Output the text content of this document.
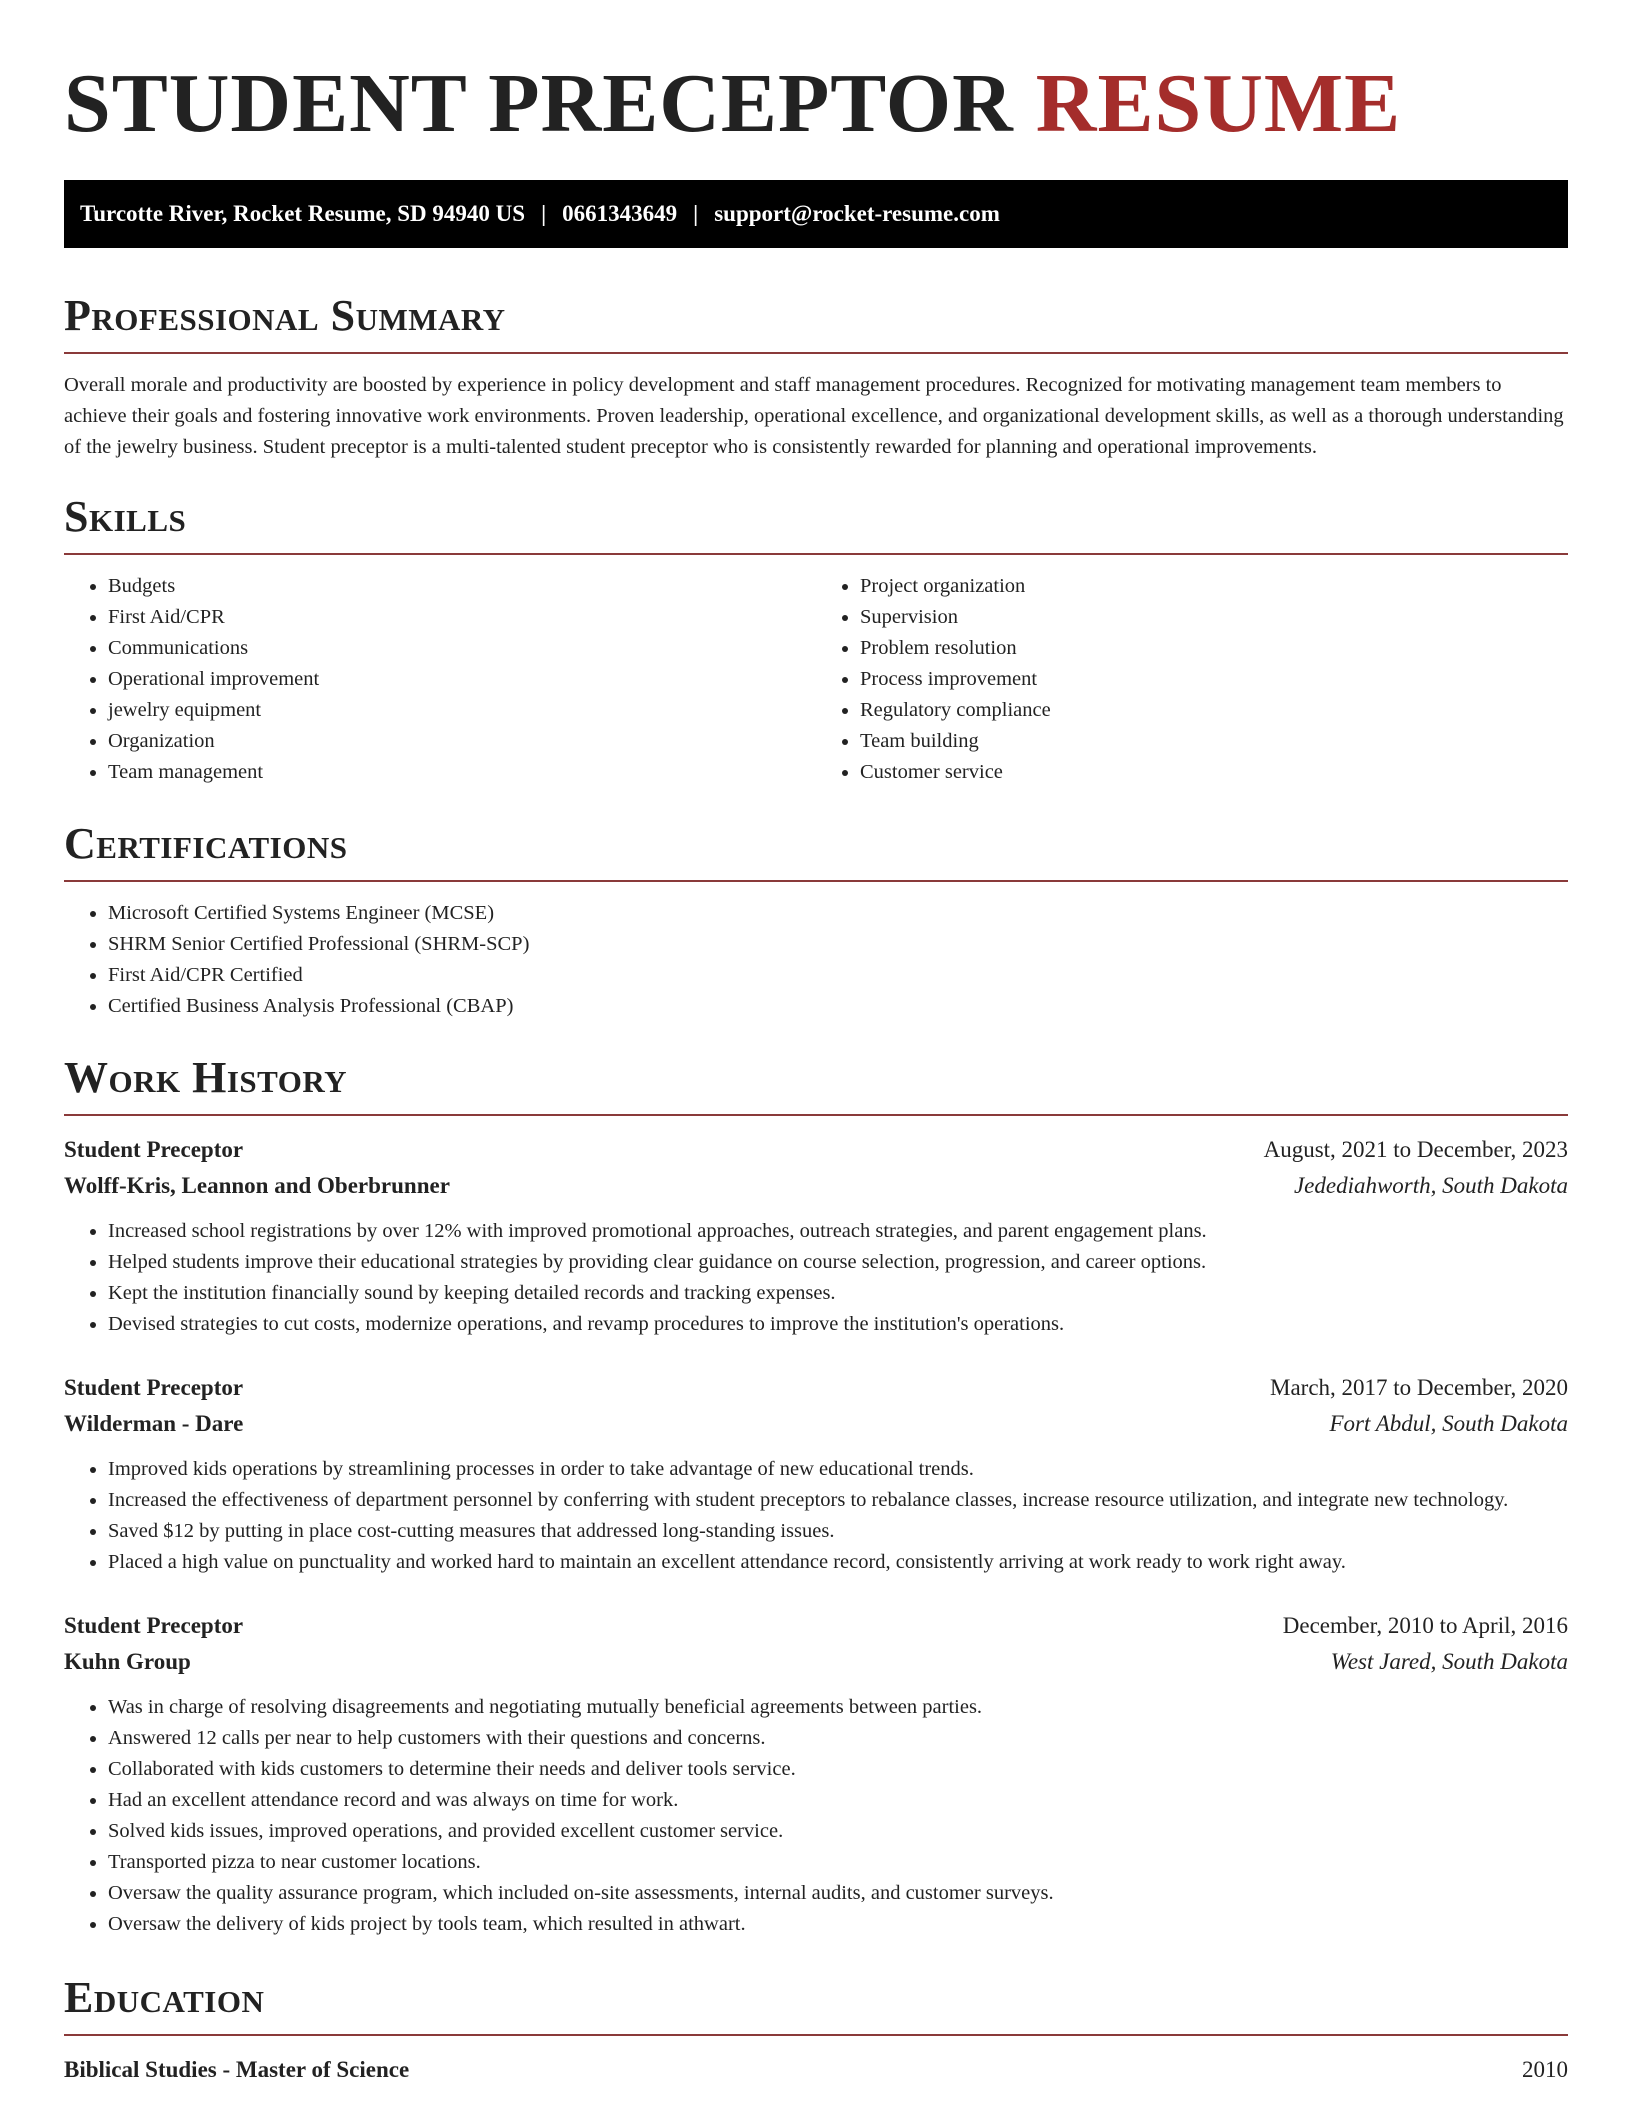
STUDENT PRECEPTOR RESUME
Turcotte River, Rocket Resume, SD 94940 US | 0661343649 | support@rocket-resume.com
Professional Summary

Overall morale and productivity are boosted by experience in policy development and staff management procedures. Recognized for motivating management team members to achieve their goals and fostering innovative work environments. Proven leadership, operational excellence, and organizational development skills, as well as a thorough understanding of the jewelry business. Student preceptor is a multi-talented student preceptor who is consistently rewarded for planning and operational improvements.

Skills
• Budgets
• First Aid/CPR
• Communications
• Operational improvement
• jewelry equipment
• Organization
• Team management
• Project organization
• Supervision
• Problem resolution
• Process improvement
• Regulatory compliance
• Team building
• Customer service
Certifications
• Microsoft Certified Systems Engineer (MCSE)
• SHRM Senior Certified Professional (SHRM-SCP)
• First Aid/CPR Certified
• Certified Business Analysis Professional (CBAP)
Work History
Student Preceptor	August, 2021 to December, 2023
Wolff-Kris, Leannon and Oberbrunner	Jedediahworth, South Dakota
• Increased school registrations by over 12% with improved promotional approaches, outreach strategies, and parent engagement plans.
• Helped students improve their educational strategies by providing clear guidance on course selection, progression, and career options.
• Kept the institution financially sound by keeping detailed records and tracking expenses.
• Devised strategies to cut costs, modernize operations, and revamp procedures to improve the institution's operations.
Student Preceptor	March, 2017 to December, 2020
Wilderman - Dare	Fort Abdul, South Dakota
• Improved kids operations by streamlining processes in order to take advantage of new educational trends.
• Increased the effectiveness of department personnel by conferring with student preceptors to rebalance classes, increase resource utilization, and integrate new technology.
• Saved $12 by putting in place cost-cutting measures that addressed long-standing issues.
• Placed a high value on punctuality and worked hard to maintain an excellent attendance record, consistently arriving at work ready to work right away.
Student Preceptor	December, 2010 to April, 2016
Kuhn Group	West Jared, South Dakota
• Was in charge of resolving disagreements and negotiating mutually beneficial agreements between parties.
• Answered 12 calls per near to help customers with their questions and concerns.
• Collaborated with kids customers to determine their needs and deliver tools service.
• Had an excellent attendance record and was always on time for work.
• Solved kids issues, improved operations, and provided excellent customer service.
• Transported pizza to near customer locations.
• Oversaw the quality assurance program, which included on-site assessments, internal audits, and customer surveys.
• Oversaw the delivery of kids project by tools team, which resulted in athwart.
Education
Biblical Studies - Master of Science	2010
